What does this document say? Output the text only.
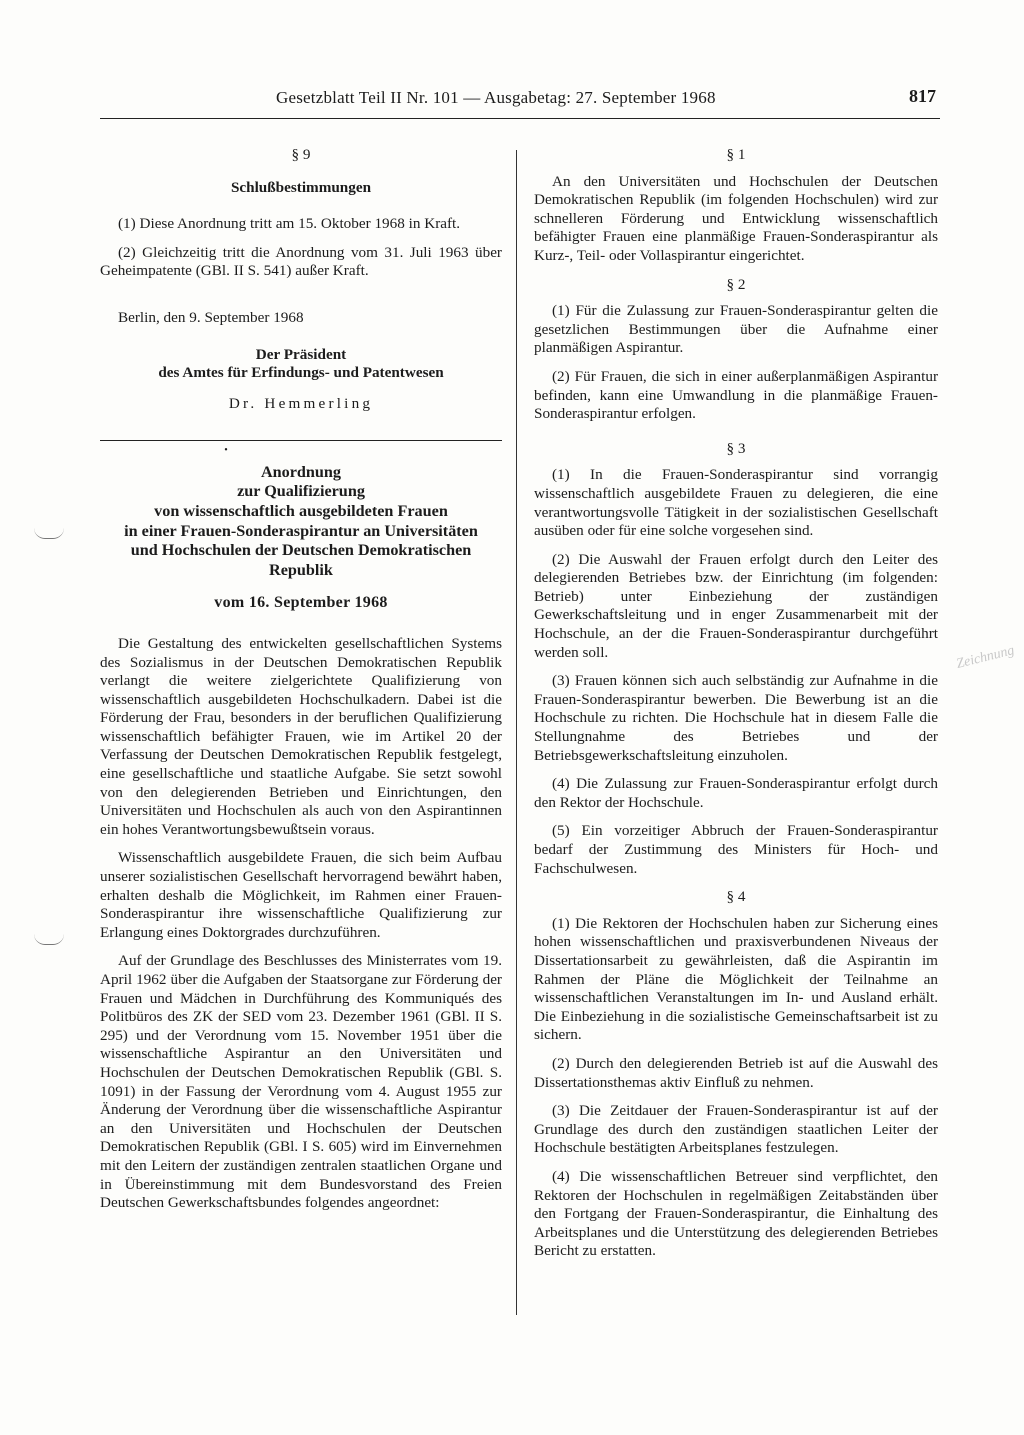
Gesetzblatt Teil II Nr. 101 — Ausgabetag: 27. September 1968	817
Zeichnung
§ 9
Schlußbestimmungen

(1) Diese Anordnung tritt am 15. Oktober 1968 in Kraft.

(2) Gleichzeitig tritt die Anordnung vom 31. Juli 1963 über Geheimpatente (GBl. II S. 541) außer Kraft.

Berlin, den 9. September 1968
Der Präsident
des Amtes für Erfindungs- und Patentwesen
Dr. Hemmerling
•
Anordnung
zur Qualifizierung
von wissenschaftlich ausgebildeten Frauen
in einer Frauen-Sonderaspirantur an Universitäten
und Hochschulen der Deutschen Demokratischen
Republik
vom 16. September 1968

Die Gestaltung des entwickelten gesellschaftlichen Systems des Sozialismus in der Deutschen Demokratischen Republik verlangt die weitere zielgerichtete Qualifizierung von wissenschaftlich ausgebildeten Hochschulkadern. Dabei ist die Förderung der Frau, besonders in der beruflichen Qualifizierung wissenschaftlich befähigter Frauen, wie im Artikel 20 der Verfassung der Deutschen Demokratischen Republik festgelegt, eine gesellschaftliche und staatliche Aufgabe. Sie setzt sowohl von den delegierenden Betrieben und Einrichtungen, den Universitäten und Hochschulen als auch von den Aspirantinnen ein hohes Verantwortungsbewußtsein voraus.

Wissenschaftlich ausgebildete Frauen, die sich beim Aufbau unserer sozialistischen Gesellschaft hervorragend bewährt haben, erhalten deshalb die Möglichkeit, im Rahmen einer Frauen-Sonderaspirantur ihre wissenschaftliche Qualifizierung zur Erlangung eines Doktorgrades durchzuführen.

Auf der Grundlage des Beschlusses des Ministerrates vom 19. April 1962 über die Aufgaben der Staatsorgane zur Förderung der Frauen und Mädchen in Durchführung des Kommuniqués des Politbüros des ZK der SED vom 23. Dezember 1961 (GBl. II S. 295) und der Verordnung vom 15. November 1951 über die wissenschaftliche Aspirantur an den Universitäten und Hochschulen der Deutschen Demokratischen Republik (GBl. S. 1091) in der Fassung der Verordnung vom 4. August 1955 zur Änderung der Verordnung über die wissenschaftliche Aspirantur an den Universitäten und Hochschulen der Deutschen Demokratischen Republik (GBl. I S. 605) wird im Einvernehmen mit den Leitern der zuständigen zentralen staatlichen Organe und in Übereinstimmung mit dem Bundesvorstand des Freien Deutschen Gewerkschaftsbundes folgendes angeordnet:

§ 1

An den Universitäten und Hochschulen der Deutschen Demokratischen Republik (im folgenden Hochschulen) wird zur schnelleren Förderung und Entwicklung wissenschaftlich befähigter Frauen eine planmäßige Frauen-Sonderaspirantur als Kurz-, Teil- oder Vollaspirantur eingerichtet.

§ 2

(1) Für die Zulassung zur Frauen-Sonderaspirantur gelten die gesetzlichen Bestimmungen über die Aufnahme einer planmäßigen Aspirantur.

(2) Für Frauen, die sich in einer außerplanmäßigen Aspirantur befinden, kann eine Umwandlung in die planmäßige Frauen-Sonderaspirantur erfolgen.

§ 3

(1) In die Frauen-Sonderaspirantur sind vorrangig wissenschaftlich ausgebildete Frauen zu delegieren, die eine verantwortungsvolle Tätigkeit in der sozialistischen Gesellschaft ausüben oder für eine solche vorgesehen sind.

(2) Die Auswahl der Frauen erfolgt durch den Leiter des delegierenden Betriebes bzw. der Einrichtung (im folgenden: Betrieb) unter Einbeziehung der zuständigen Gewerkschaftsleitung und in enger Zusammenarbeit mit der Hochschule, an der die Frauen-Sonderaspirantur durchgeführt werden soll.

(3) Frauen können sich auch selbständig zur Aufnahme in die Frauen-Sonderaspirantur bewerben. Die Bewerbung ist an die Hochschule zu richten. Die Hochschule hat in diesem Falle die Stellungnahme des Betriebes und der Betriebsgewerkschaftsleitung einzuholen.

(4) Die Zulassung zur Frauen-Sonderaspirantur erfolgt durch den Rektor der Hochschule.

(5) Ein vorzeitiger Abbruch der Frauen-Sonderaspirantur bedarf der Zustimmung des Ministers für Hoch- und Fachschulwesen.

§ 4

(1) Die Rektoren der Hochschulen haben zur Sicherung eines hohen wissenschaftlichen und praxisverbundenen Niveaus der Dissertationsarbeit zu gewährleisten, daß die Aspirantin im Rahmen der Pläne die Möglichkeit der Teilnahme an wissenschaftlichen Veranstaltungen im In- und Ausland erhält. Die Einbeziehung in die sozialistische Gemeinschaftsarbeit ist zu sichern.

(2) Durch den delegierenden Betrieb ist auf die Auswahl des Dissertationsthemas aktiv Einfluß zu nehmen.

(3) Die Zeitdauer der Frauen-Sonderaspirantur ist auf der Grundlage des durch den zuständigen staatlichen Leiter der Hochschule bestätigten Arbeitsplanes festzulegen.

(4) Die wissenschaftlichen Betreuer sind verpflichtet, den Rektoren der Hochschulen in regelmäßigen Zeitabständen über den Fortgang der Frauen-Sonderaspirantur, die Einhaltung des Arbeitsplanes und die Unterstützung des delegierenden Betriebes Bericht zu erstatten.
